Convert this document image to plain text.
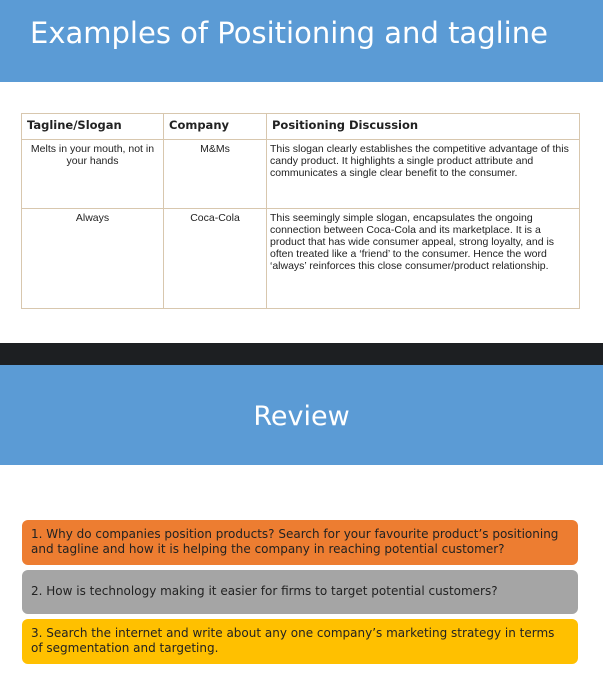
Examples of Positioning and tagline
Tagline/Slogan	Company	Positioning Discussion
Melts in your mouth, not in your hands	M&Ms	This slogan clearly establishes the competitive advantage of this candy product. It highlights a single product attribute and communicates a single clear benefit to the consumer.
Always	Coca-Cola	This seemingly simple slogan, encapsulates the ongoing connection between Coca-Cola and its marketplace. It is a product that has wide consumer appeal, strong loyalty, and is often treated like a ‘friend’ to the consumer. Hence the word ‘always’ reinforces this close consumer/product relationship.
Review
1. Why do companies position products? Search for your favourite product’s positioning and tagline and how it is helping the company in reaching potential customer?
2. How is technology making it easier for firms to target potential customers?
3. Search the internet and write about any one company’s marketing strategy in terms of segmentation and targeting.
